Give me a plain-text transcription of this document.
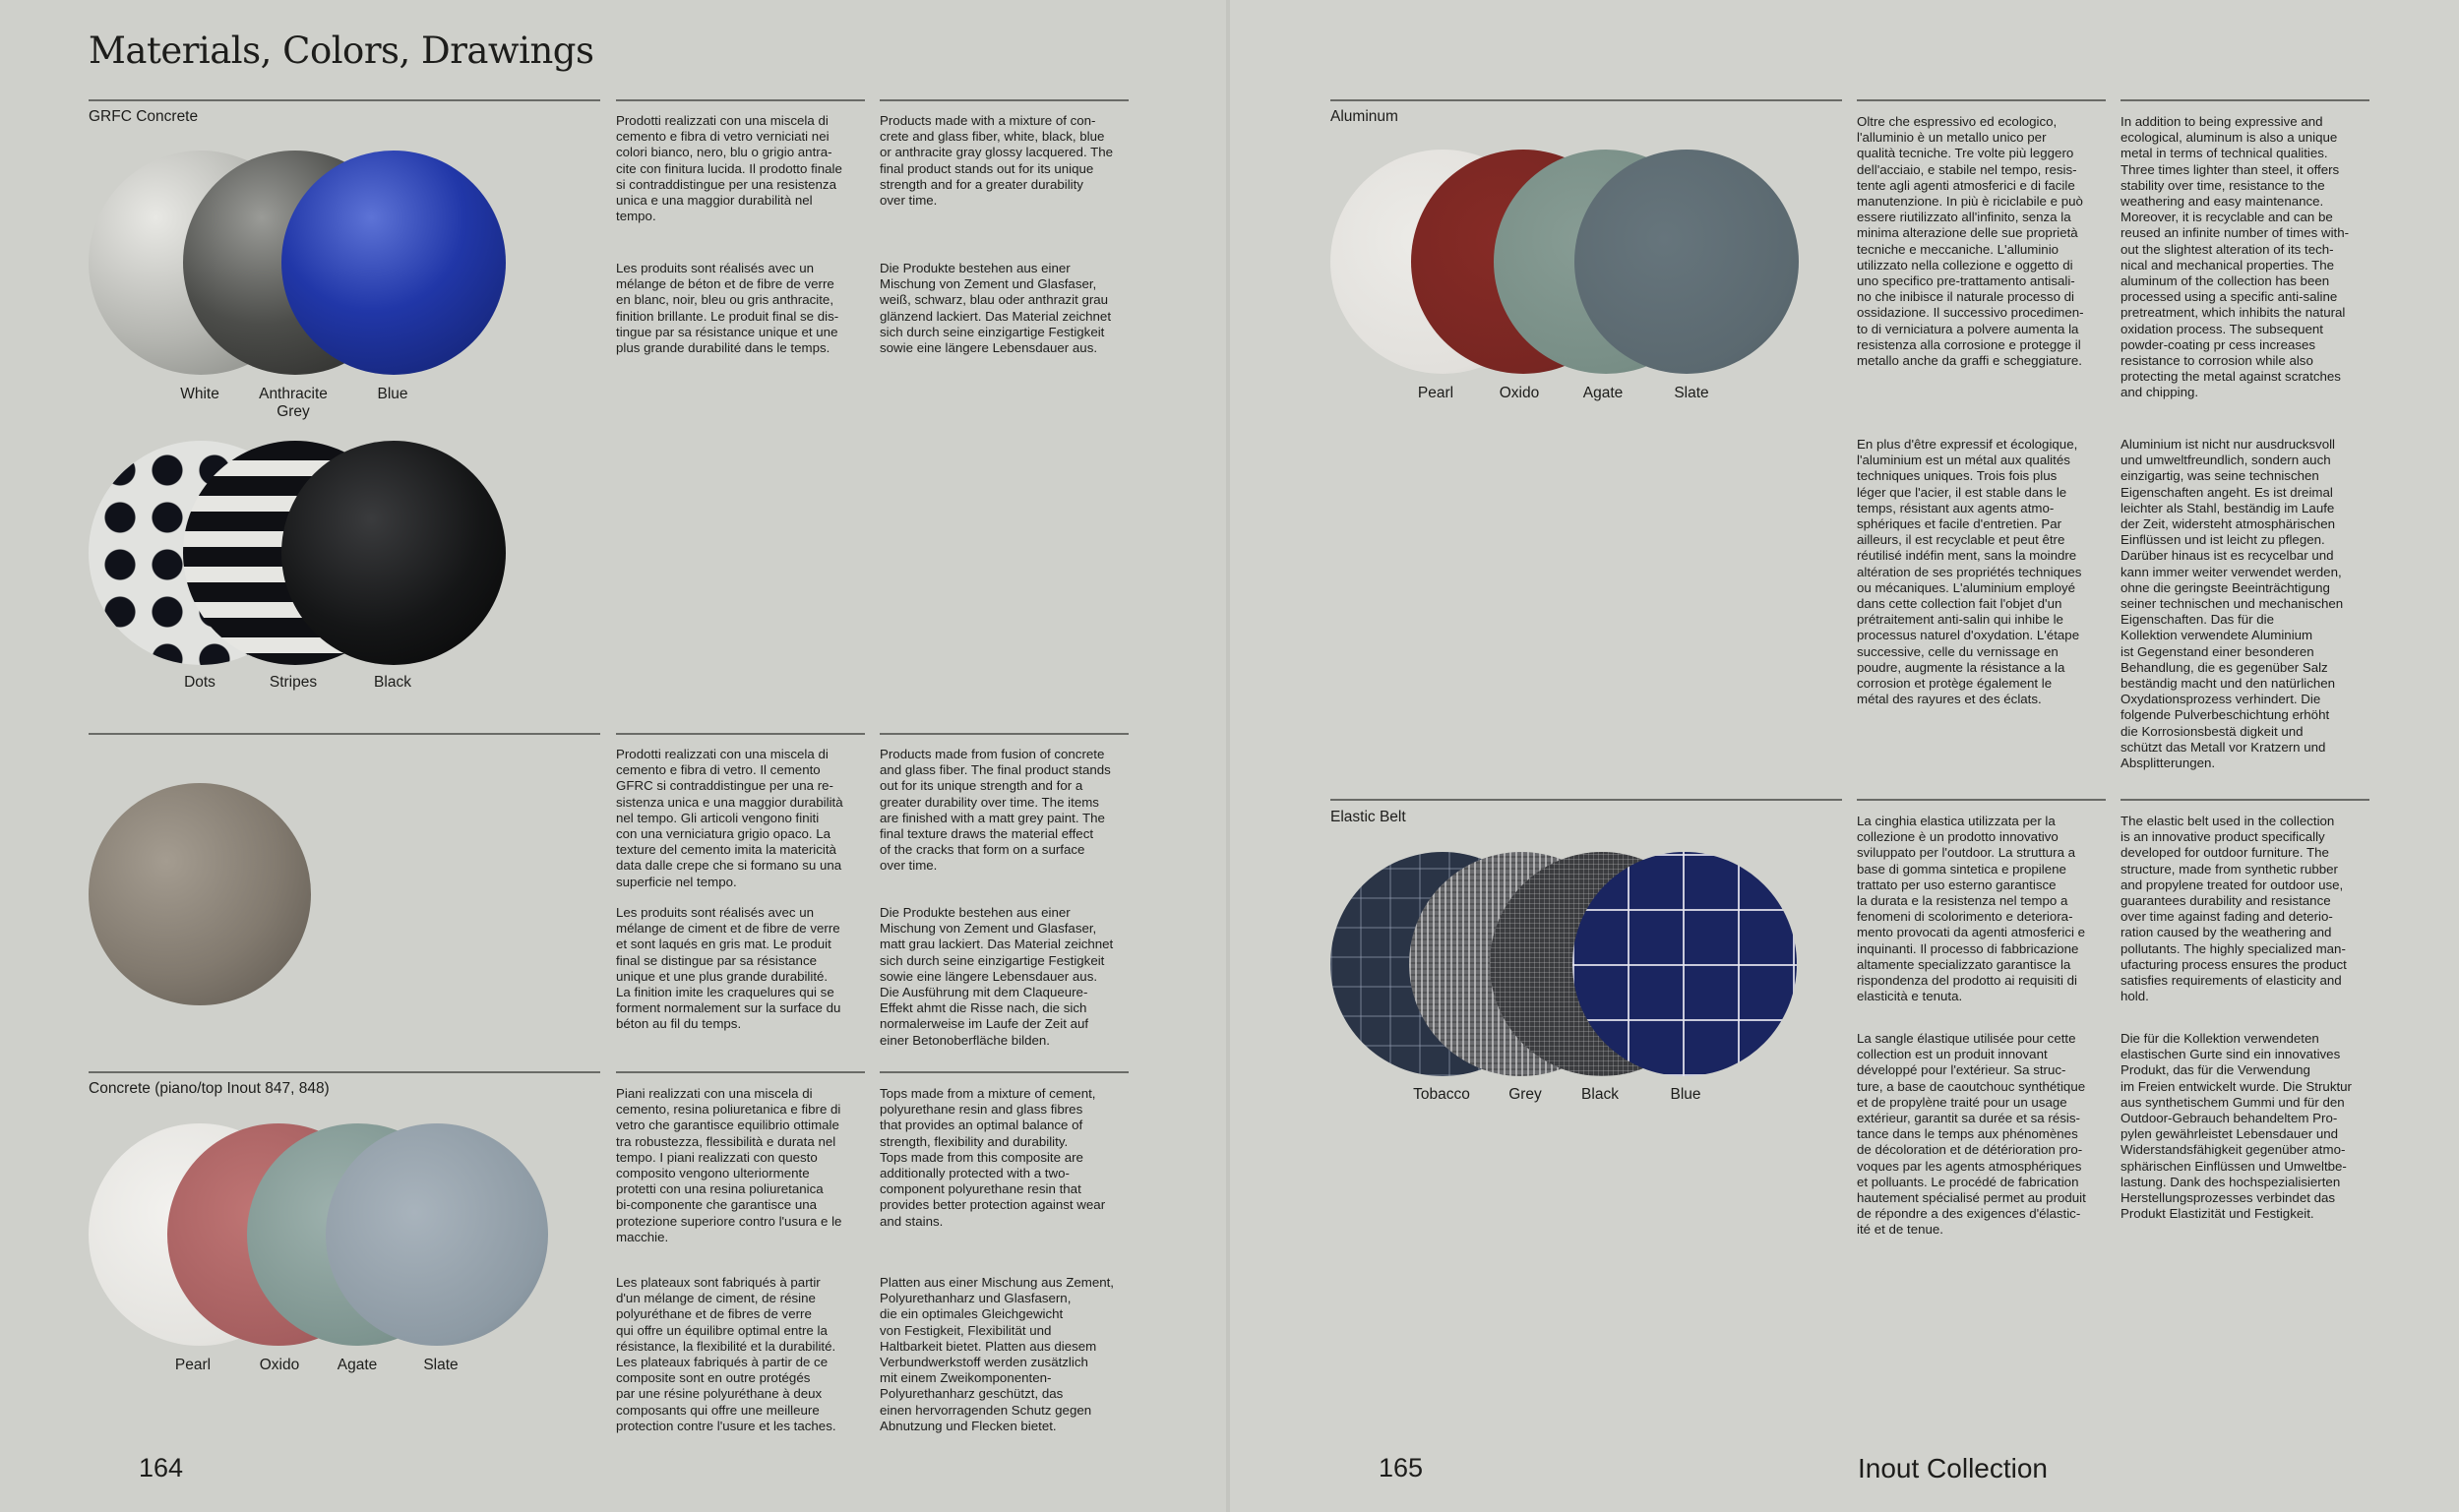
Materials, Colors, Drawings
GRFC Concrete
White	Anthracite
Grey
Blue
Dots	Stripes	Black
Prodotti realizzati con una miscela di
cemento e fibra di vetro verniciati nei
colori bianco, nero, blu o grigio antra-
cite con finitura lucida. Il prodotto finale
si contraddistingue per una resistenza
unica e una maggior durabilità nel
tempo.
Products made with a mixture of con-
crete and glass fiber, white, black, blue
or anthracite gray glossy lacquered. The
final product stands out for its unique
strength and for a greater durability
over time.
Les produits sont réalisés avec un
mélange de béton et de fibre de verre
en blanc, noir, bleu ou gris anthracite,
finition brillante. Le produit final se dis-
tingue par sa résistance unique et une
plus grande durabilité dans le temps.
Die Produkte bestehen aus einer
Mischung von Zement und Glasfaser,
weiß, schwarz, blau oder anthrazit grau
glänzend lackiert. Das Material zeichnet
sich durch seine einzigartige Festigkeit
sowie eine längere Lebensdauer aus.
Prodotti realizzati con una miscela di
cemento e fibra di vetro. Il cemento
GFRC si contraddistingue per una re-
sistenza unica e una maggior durabilità
nel tempo. Gli articoli vengono finiti
con una verniciatura grigio opaco. La
texture del cemento imita la matericità
data dalle crepe che si formano su una
superficie nel tempo.
Products made from fusion of concrete
and glass fiber. The final product stands
out for its unique strength and for a
greater durability over time. The items
are finished with a matt grey paint. The
final texture draws the material effect
of the cracks that form on a surface
over time.
Les produits sont réalisés avec un
mélange de ciment et de fibre de verre
et sont laqués en gris mat. Le produit
final se distingue par sa résistance
unique et une plus grande durabilité.
La finition imite les craquelures qui se
forment normalement sur la surface du
béton au fil du temps.
Die Produkte bestehen aus einer
Mischung von Zement und Glasfaser,
matt grau lackiert. Das Material zeichnet
sich durch seine einzigartige Festigkeit
sowie eine längere Lebensdauer aus.
Die Ausführung mit dem Claqueure-
Effekt ahmt die Risse nach, die sich
normalerweise im Laufe der Zeit auf
einer Betonoberfläche bilden.
Concrete (piano/top Inout 847, 848)
Pearl	Oxido Agate	Slate
Piani realizzati con una miscela di
cemento, resina poliuretanica e fibre di
vetro che garantisce equilibrio ottimale
tra robustezza, flessibilità e durata nel
tempo. I piani realizzati con questo
composito vengono ulteriormente
protetti con una resina poliuretanica
bi-componente che garantisce una
protezione superiore contro l'usura e le
macchie.
Tops made from a mixture of cement,
polyurethane resin and glass fibres
that provides an optimal balance of
strength, flexibility and durability.
Tops made from this composite are
additionally protected with a two-
component polyurethane resin that
provides better protection against wear
and stains.
Les plateaux sont fabriqués à partir
d'un mélange de ciment, de résine
polyuréthane et de fibres de verre
qui offre un équilibre optimal entre la
résistance, la flexibilité et la durabilité.
Les plateaux fabriqués à partir de ce
composite sont en outre protégés
par une résine polyuréthane à deux
composants qui offre une meilleure
protection contre l'usure et les taches.
Platten aus einer Mischung aus Zement,
Polyurethanharz und Glasfasern,
die ein optimales Gleichgewicht
von Festigkeit, Flexibilität und
Haltbarkeit bietet. Platten aus diesem
Verbundwerkstoff werden zusätzlich
mit einem Zweikomponenten-
Polyurethanharz geschützt, das
einen hervorragenden Schutz gegen
Abnutzung und Flecken bietet.
164
Aluminum
Pearl	Oxido	Agate	Slate
Oltre che espressivo ed ecologico,
l'alluminio è un metallo unico per
qualità tecniche. Tre volte più leggero
dell'acciaio, e stabile nel tempo, resis-
tente agli agenti atmosferici e di facile
manutenzione. In più è riciclabile e può
essere riutilizzato all'infinito, senza la
minima alterazione delle sue proprietà
tecniche e meccaniche. L'alluminio
utilizzato nella collezione e oggetto di
uno specifico pre-trattamento antisali-
no che inibisce il naturale processo di
ossidazione. Il successivo procedimen-
to di verniciatura a polvere aumenta la
resistenza alla corrosione e protegge il
metallo anche da graffi e scheggiature.
In addition to being expressive and
ecological, aluminum is also a unique
metal in terms of technical qualities.
Three times lighter than steel, it offers
stability over time, resistance to the
weathering and easy maintenance.
Moreover, it is recyclable and can be
reused an infinite number of times with-
out the slightest alteration of its tech-
nical and mechanical properties. The
aluminum of the collection has been
processed using a specific anti-saline
pretreatment, which inhibits the natural
oxidation process. The subsequent
powder-coating pr cess increases
resistance to corrosion while also
protecting the metal against scratches
and chipping.
En plus d'être expressif et écologique,
l'aluminium est un métal aux qualités
techniques uniques. Trois fois plus
léger que l'acier, il est stable dans le
temps, résistant aux agents atmo-
sphériques et facile d'entretien. Par
ailleurs, il est recyclable et peut être
réutilisé indéfin ment, sans la moindre
altération de ses propriétés techniques
ou mécaniques. L'aluminium employé
dans cette collection fait l'objet d'un
prétraitement anti-salin qui inhibe le
processus naturel d'oxydation. L'étape
successive, celle du vernissage en
poudre, augmente la résistance a la
corrosion et protège également le
métal des rayures et des éclats.
Aluminium ist nicht nur ausdrucksvoll
und umweltfreundlich, sondern auch
einzigartig, was seine technischen
Eigenschaften angeht. Es ist dreimal
leichter als Stahl, beständig im Laufe
der Zeit, widersteht atmosphärischen
Einflüssen und ist leicht zu pflegen.
Darüber hinaus ist es recycelbar und
kann immer weiter verwendet werden,
ohne die geringste Beeinträchtigung
seiner technischen und mechanischen
Eigenschaften. Das für die
Kollektion verwendete Aluminium
ist Gegenstand einer besonderen
Behandlung, die es gegenüber Salz
beständig macht und den natürlichen
Oxydationsprozess verhindert. Die
folgende Pulverbeschichtung erhöht
die Korrosionsbestä digkeit und
schützt das Metall vor Kratzern und
Absplitterungen.
Elastic Belt
Tobacco	Grey	Black	Blue
La cinghia elastica utilizzata per la
collezione è un prodotto innovativo
sviluppato per l'outdoor. La struttura a
base di gomma sintetica e propilene
trattato per uso esterno garantisce
la durata e la resistenza nel tempo a
fenomeni di scolorimento e deteriora-
mento provocati da agenti atmosferici e
inquinanti. Il processo di fabbricazione
altamente specializzato garantisce la
rispondenza del prodotto ai requisiti di
elasticità e tenuta.
The elastic belt used in the collection
is an innovative product specifically
developed for outdoor furniture. The
structure, made from synthetic rubber
and propylene treated for outdoor use,
guarantees durability and resistance
over time against fading and deterio-
ration caused by the weathering and
pollutants. The highly specialized man-
ufacturing process ensures the product
satisfies requirements of elasticity and
hold.
La sangle élastique utilisée pour cette
collection est un produit innovant
développé pour l'extérieur. Sa struc-
ture, a base de caoutchouc synthétique
et de propylène traité pour un usage
extérieur, garantit sa durée et sa résis-
tance dans le temps aux phénomènes
de décoloration et de détérioration pro-
voques par les agents atmosphériques
et polluants. Le procédé de fabrication
hautement spécialisé permet au produit
de répondre a des exigences d'élastic-
ité et de tenue.
Die für die Kollektion verwendeten
elastischen Gurte sind ein innovatives
Produkt, das für die Verwendung
im Freien entwickelt wurde. Die Struktur
aus synthetischem Gummi und für den
Outdoor-Gebrauch behandeltem Pro-
pylen gewährleistet Lebensdauer und
Widerstandsfähigkeit gegenüber atmo-
sphärischen Einflüssen und Umweltbe-
lastung. Dank des hochspezialisierten
Herstellungsprozesses verbindet das
Produkt Elastizität und Festigkeit.
165	Inout Collection
